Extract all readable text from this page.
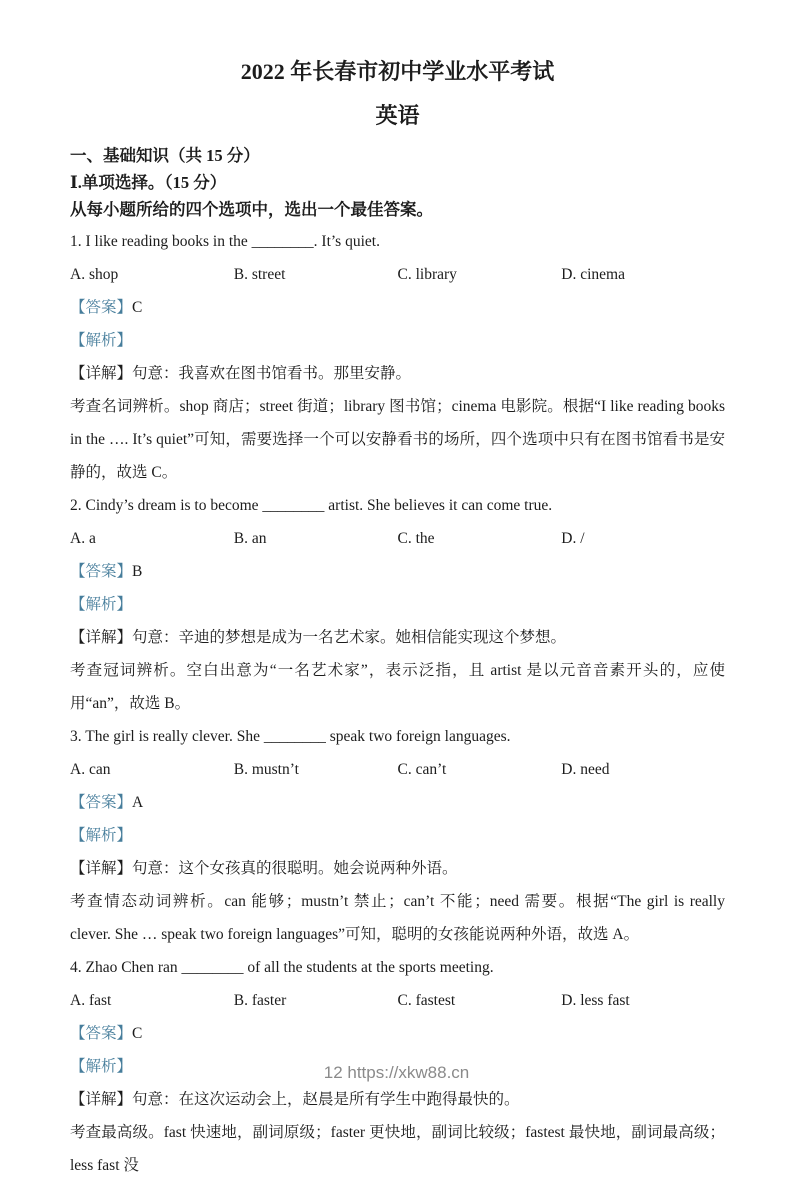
2022 年长春市初中学业水平考试
英语

一、基础知识（共 15 分）

Ⅰ.单项选择。（15 分）

从每小题所给的四个选项中，选出一个最佳答案。

1. I like reading books in the ________. It’s quiet.

A. shop	B. street	C. library	D. cinema

【答案】C

【解析】

【详解】句意：我喜欢在图书馆看书。那里安静。

考查名词辨析。shop 商店；street 街道；library 图书馆；cinema 电影院。根据“I like reading books in the …. It’s quiet”可知，需要选择一个可以安静看书的场所，四个选项中只有在图书馆看书是安静的，故选 C。

2. Cindy’s dream is to become ________ artist. She believes it can come true.

A. a	B. an	C. the	D. /

【答案】B

【解析】

【详解】句意：辛迪的梦想是成为一名艺术家。她相信能实现这个梦想。

考查冠词辨析。空白出意为“一名艺术家”，表示泛指，且 artist 是以元音音素开头的，应使用“an”，故选 B。

3. The girl is really clever. She ________ speak two foreign languages.

A. can	B. mustn’t	C. can’t	D. need

【答案】A

【解析】

【详解】句意：这个女孩真的很聪明。她会说两种外语。

考查情态动词辨析。can 能够；mustn’t 禁止；can’t 不能；need 需要。根据“The girl is really clever. She … speak two foreign languages”可知，聪明的女孩能说两种外语，故选 A。

4. Zhao Chen ran ________ of all the students at the sports meeting.

A. fast	B. faster	C. fastest	D. less fast

【答案】C

【解析】

【详解】句意：在这次运动会上，赵晨是所有学生中跑得最快的。

考查最高级。fast 快速地，副词原级；faster 更快地，副词比较级；fastest 最快地，副词最高级；less fast 没

12 https://xkw88.cn
